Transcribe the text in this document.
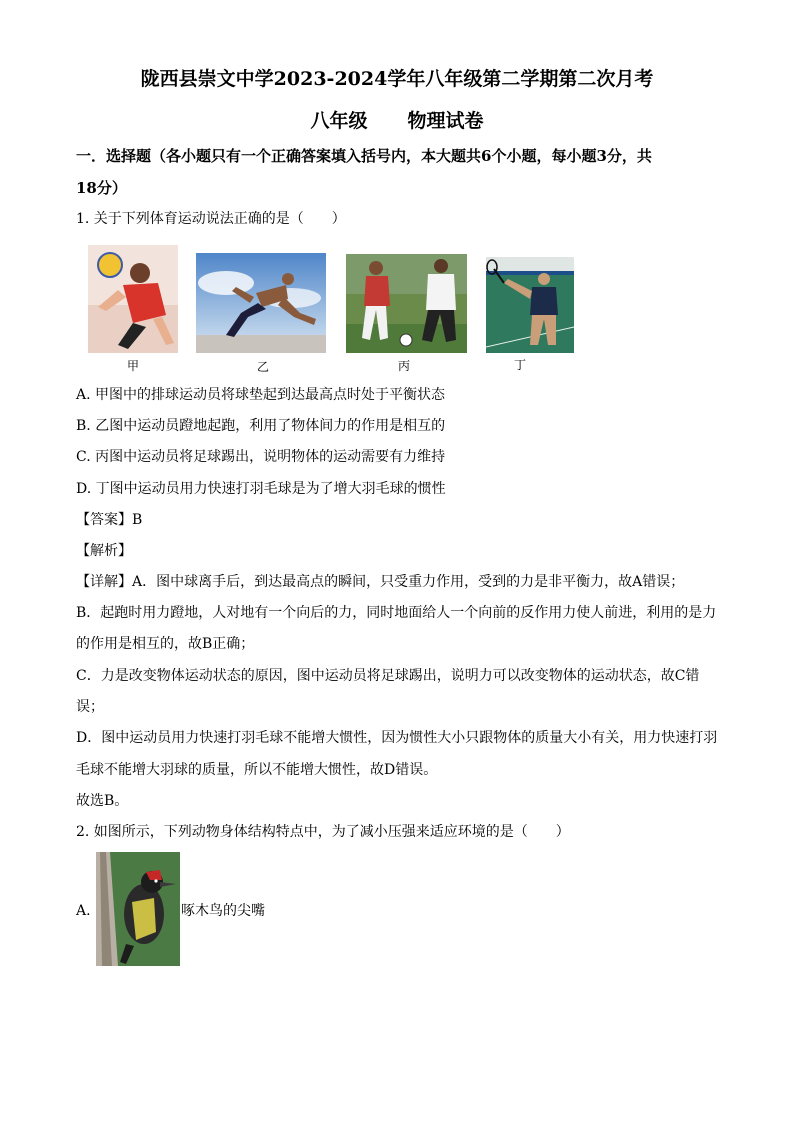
陇西县崇文中学2023-2024学年八年级第二学期第二次月考
八年级 物理试卷
一．选择题（各小题只有一个正确答案填入括号内，本大题共6个小题，每小题3分，共
18分）
1. 关于下列体育运动说法正确的是（　　）
甲	乙	丙	丁
A. 甲图中的排球运动员将球垫起到达最高点时处于平衡状态
B. 乙图中运动员蹬地起跑，利用了物体间力的作用是相互的
C. 丙图中运动员将足球踢出，说明物体的运动需要有力维持
D. 丁图中运动员用力快速打羽毛球是为了增大羽毛球的惯性
【答案】B
【解析】
【详解】A．图中球离手后，到达最高点的瞬间，只受重力作用，受到的力是非平衡力，故A错误；
B．起跑时用力蹬地，人对地有一个向后的力，同时地面给人一个向前的反作用力使人前进，利用的是力
的作用是相互的，故B正确；
C．力是改变物体运动状态的原因，图中运动员将足球踢出，说明力可以改变物体的运动状态，故C错
误；
D．图中运动员用力快速打羽毛球不能增大惯性，因为惯性大小只跟物体的质量大小有关，用力快速打羽
毛球不能增大羽球的质量，所以不能增大惯性，故D错误。
故选B。
2. 如图所示，下列动物身体结构特点中，为了减小压强来适应环境的是（　　）
A.	啄木鸟的尖嘴
